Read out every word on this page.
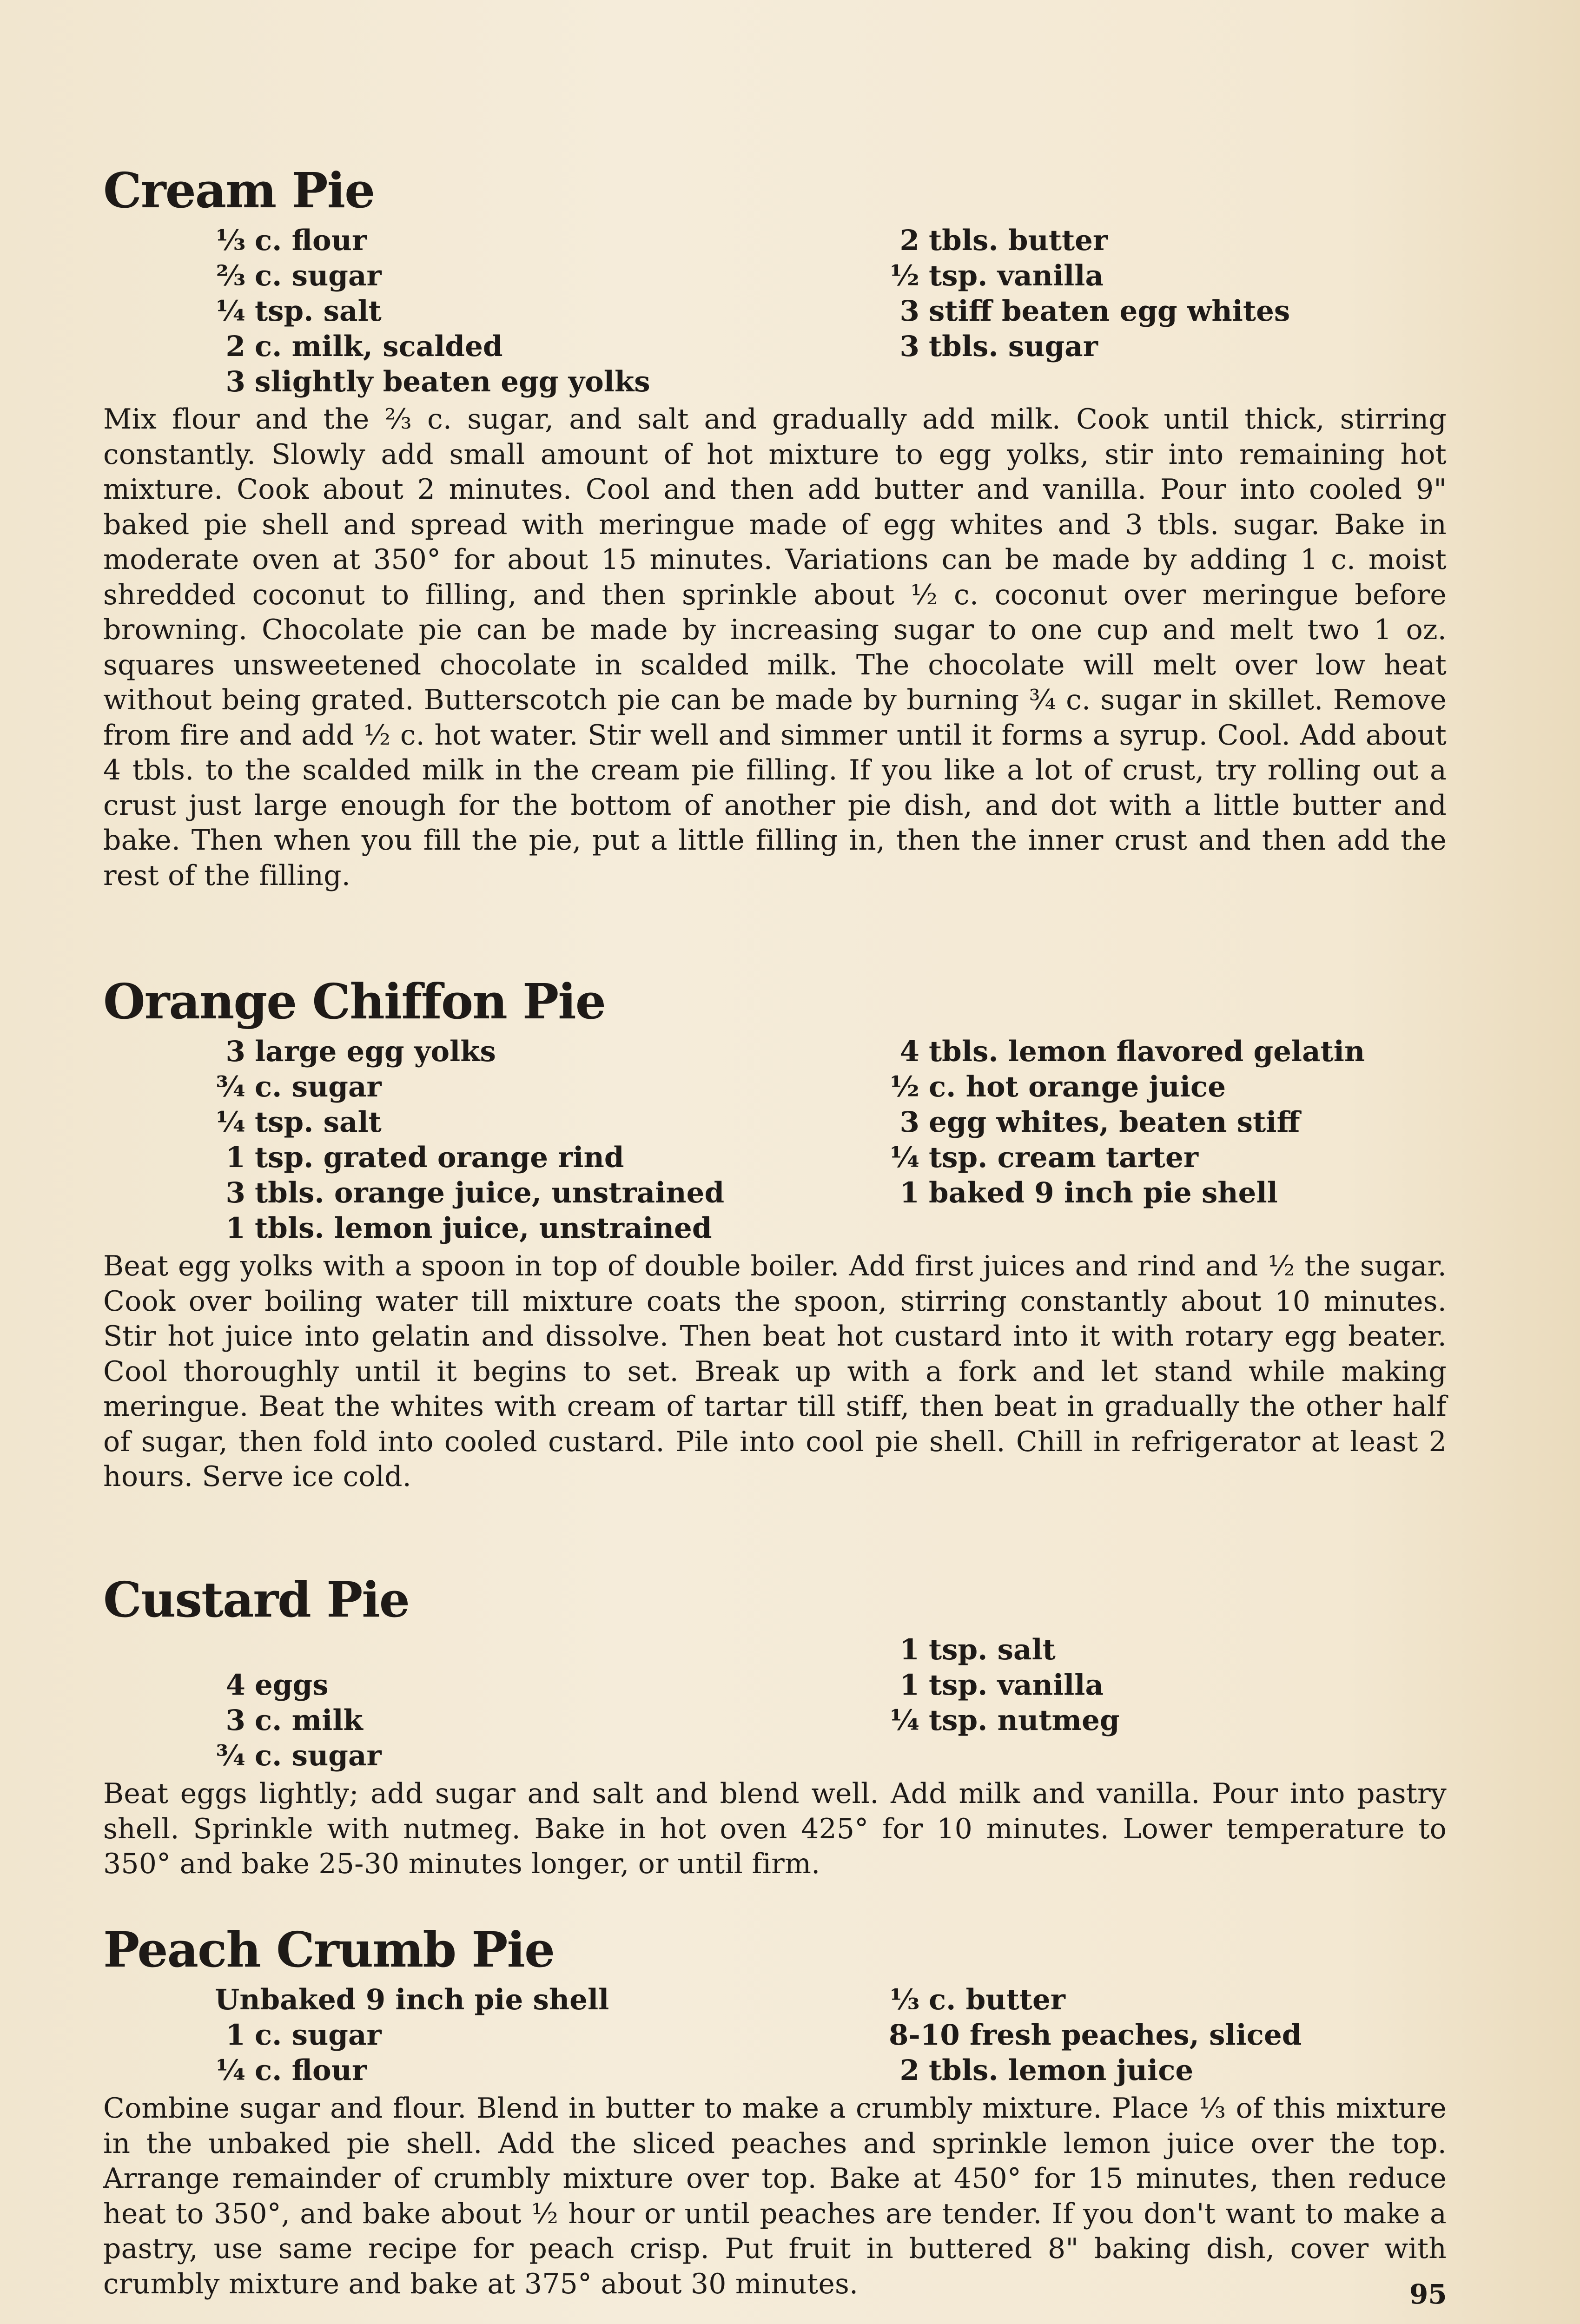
Cream Pie
⅓ c. flour
⅔ c. sugar
¼ tsp. salt
2 c. milk, scalded
3 slightly beaten egg yolks
2 tbls. butter
½ tsp. vanilla
3 stiff beaten egg whites
3 tbls. sugar

Mix flour and the ⅔ c. sugar, and salt and gradually add milk. Cook until thick, stirring constantly. Slowly add small amount of hot mixture to egg yolks, stir into remaining hot mixture. Cook about 2 minutes. Cool and then add butter and vanilla. Pour into cooled 9" baked pie shell and spread with meringue made of egg whites and 3 tbls. sugar. Bake in moderate oven at 350° for about 15 minutes. Variations can be made by adding 1 c. moist shredded coconut to filling, and then sprinkle about ½ c. coconut over meringue before browning. Chocolate pie can be made by increasing sugar to one cup and melt two 1 oz. squares unsweetened chocolate in scalded milk. The chocolate will melt over low heat without being grated. Butterscotch pie can be made by burning ¾ c. sugar in skillet. Remove from fire and add ½ c. hot water. Stir well and simmer until it forms a syrup. Cool. Add about 4 tbls. to the scalded milk in the cream pie filling. If you like a lot of crust, try rolling out a crust just large enough for the bottom of another pie dish, and dot with a little butter and bake. Then when you fill the pie, put a little filling in, then the inner crust and then add the rest of the filling.

Orange Chiffon Pie
3 large egg yolks
¾ c. sugar
¼ tsp. salt
1 tsp. grated orange rind
3 tbls. orange juice, unstrained
1 tbls. lemon juice, unstrained
4 tbls. lemon flavored gelatin
½ c. hot orange juice
3 egg whites, beaten stiff
¼ tsp. cream tarter
1 baked 9 inch pie shell

Beat egg yolks with a spoon in top of double boiler. Add first juices and rind and ½ the sugar. Cook over boiling water till mixture coats the spoon, stirring constantly about 10 minutes. Stir hot juice into gelatin and dissolve. Then beat hot custard into it with rotary egg beater. Cool thoroughly until it begins to set. Break up with a fork and let stand while making meringue. Beat the whites with cream of tartar till stiff, then beat in gradually the other half of sugar, then fold into cooled custard. Pile into cool pie shell. Chill in refrigerator at least 2 hours. Serve ice cold.

Custard Pie
4 eggs
3 c. milk
¾ c. sugar
1 tsp. salt
1 tsp. vanilla
¼ tsp. nutmeg

Beat eggs lightly; add sugar and salt and blend well. Add milk and vanilla. Pour into pastry shell. Sprinkle with nutmeg. Bake in hot oven 425° for 10 minutes. Lower temperature to 350° and bake 25-30 minutes longer, or until firm.

Peach Crumb Pie
Unbaked 9 inch pie shell
1 c. sugar
¼ c. flour
⅓ c. butter
8-10 fresh peaches, sliced
2 tbls. lemon juice

Combine sugar and flour. Blend in butter to make a crumbly mixture. Place ⅓ of this mixture in the unbaked pie shell. Add the sliced peaches and sprinkle lemon juice over the top. Arrange remainder of crumbly mixture over top. Bake at 450° for 15 minutes, then reduce heat to 350°, and bake about ½ hour or until peaches are tender. If you don't want to make a pastry, use same recipe for peach crisp. Put fruit in buttered 8" baking dish, cover with crumbly mixture and bake at 375° about 30 minutes.	95
